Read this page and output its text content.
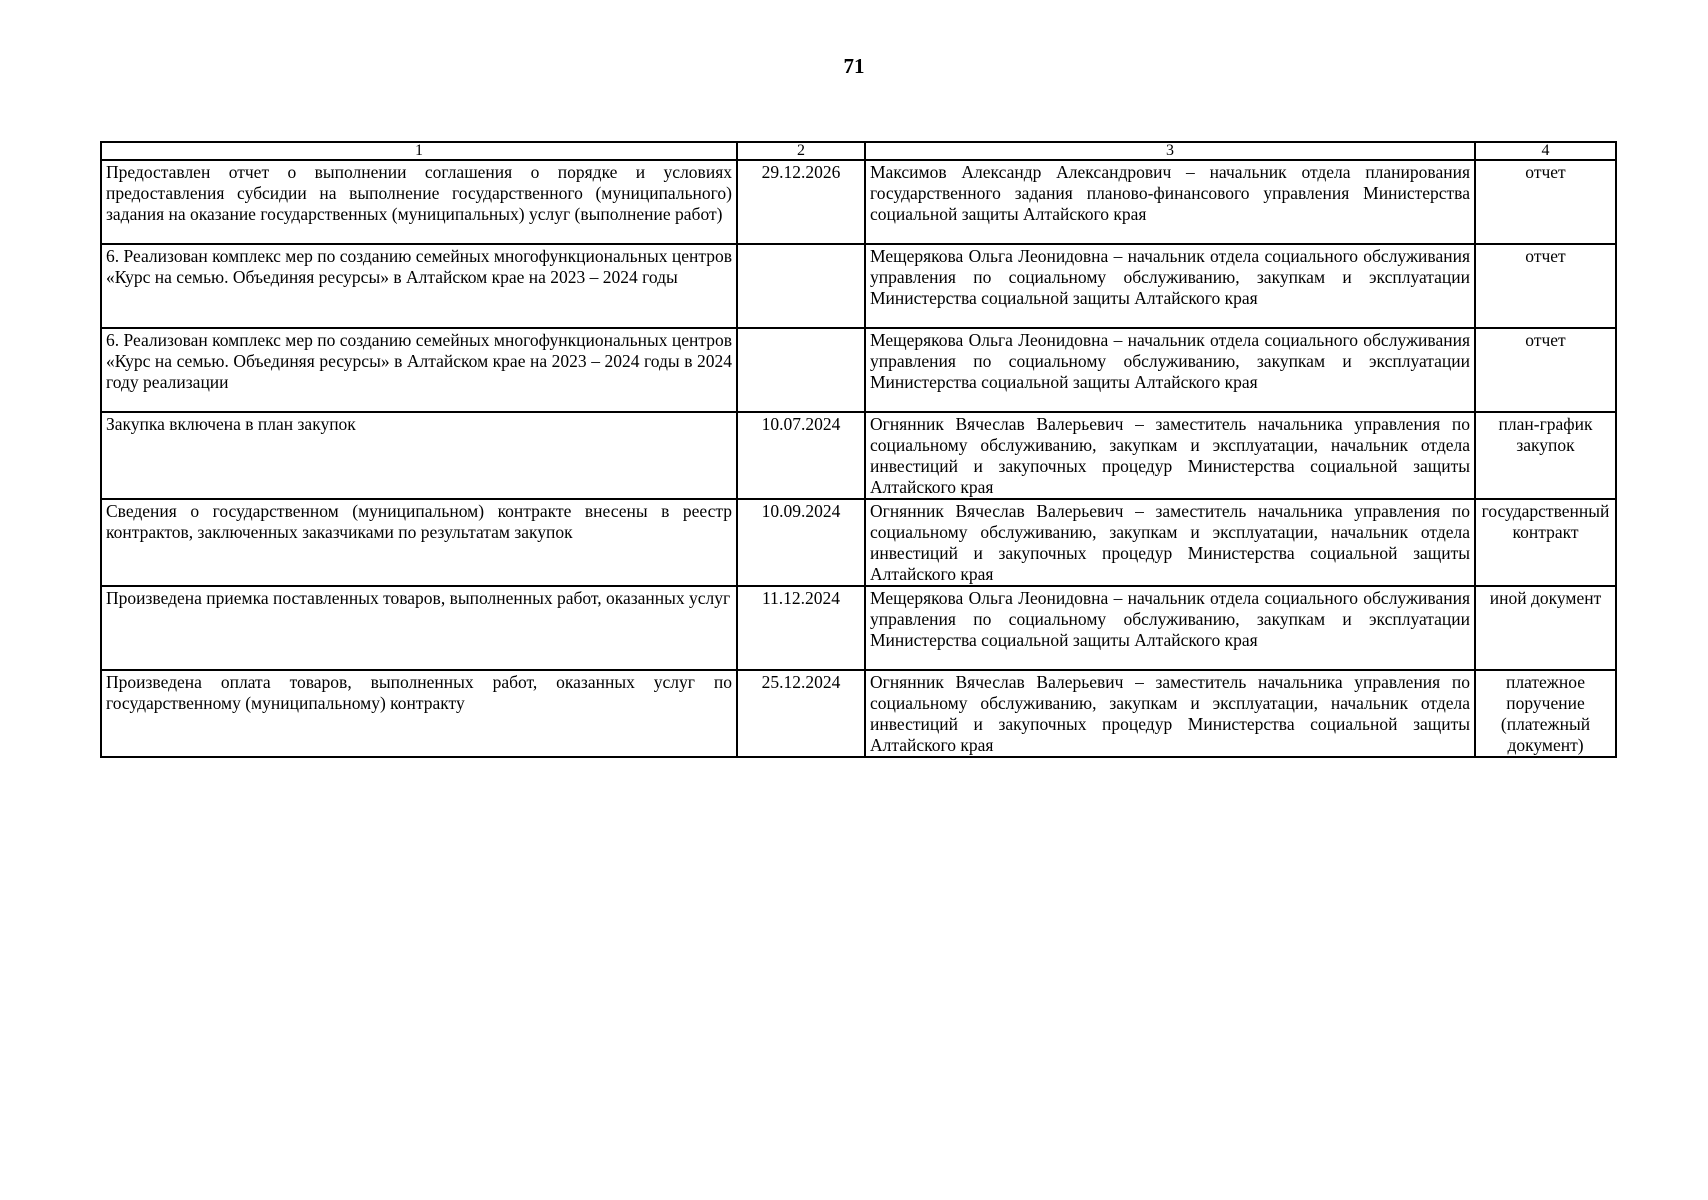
71
1	2	3	4
Предоставлен отчет о выполнении соглашения о порядке и условиях предоставления субсидии на выполнение государственного (муниципального) задания на оказание государственных (муниципальных) услуг (выполнение работ)	29.12.2026	Максимов Александр Александрович – начальник отдела планирования государственного задания планово-финансового управления Министерства социальной защиты Алтайского края	отчет
6. Реализован комплекс мер по созданию семейных многофункциональных центров «Курс на семью. Объединяя ресурсы» в Алтайском крае на 2023 – 2024 годы		Мещерякова Ольга Леонидовна – начальник отдела социального обслуживания управления по социальному обслуживанию, закупкам и эксплуатации Министерства социальной защиты Алтайского края	отчет
6. Реализован комплекс мер по созданию семейных многофункциональных центров «Курс на семью. Объединяя ресурсы» в Алтайском крае на 2023 – 2024 годы в 2024 году реализации		Мещерякова Ольга Леонидовна – начальник отдела социального обслуживания управления по социальному обслуживанию, закупкам и эксплуатации Министерства социальной защиты Алтайского края	отчет
Закупка включена в план закупок	10.07.2024	Огнянник Вячеслав Валерьевич – заместитель начальника управления по социальному обслуживанию, закупкам и эксплуатации, начальник отдела инвестиций и закупочных процедур Министерства социальной защиты Алтайского края	план-график закупок
Сведения о государственном (муниципальном) контракте внесены в реестр контрактов, заключенных заказчиками по результатам закупок	10.09.2024	Огнянник Вячеслав Валерьевич – заместитель начальника управления по социальному обслуживанию, закупкам и эксплуатации, начальник отдела инвестиций и закупочных процедур Министерства социальной защиты Алтайского края	государственный контракт
Произведена приемка поставленных товаров, выполненных работ, оказанных услуг	11.12.2024	Мещерякова Ольга Леонидовна – начальник отдела социального обслуживания управления по социальному обслуживанию, закупкам и эксплуатации Министерства социальной защиты Алтайского края	иной документ
Произведена оплата товаров, выполненных работ, оказанных услуг по государственному (муниципальному) контракту	25.12.2024	Огнянник Вячеслав Валерьевич – заместитель начальника управления по социальному обслуживанию, закупкам и эксплуатации, начальник отдела инвестиций и закупочных процедур Министерства социальной защиты Алтайского края	платежное поручение (платежный документ)
